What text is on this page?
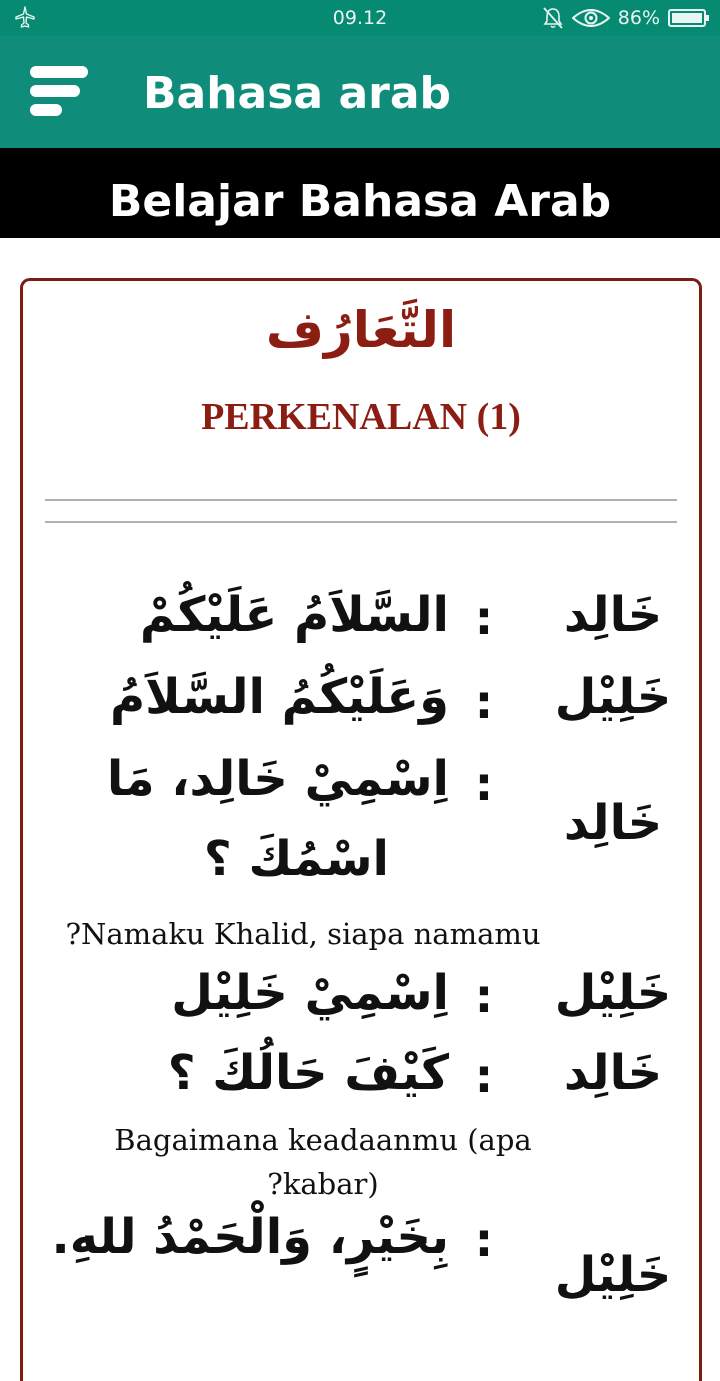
09.12	86%
Bahasa arab
Belajar Bahasa Arab
التَّعَارُف
PERKENALAN (1)
خَالِد
:
السَّلاَمُ عَلَيْكُمْ
خَلِيْل
:
وَعَلَيْكُمُ السَّلاَمُ
خَالِد
:
اِسْمِيْ خَالِد، مَا
اسْمُكَ ؟
?Namaku Khalid, siapa namamu
خَلِيْل
:
اِسْمِيْ خَلِيْل
خَالِد
:
كَيْفَ حَالُكَ ؟
Bagaimana keadaanmu (apa
?kabar)
خَلِيْل
:
بِخَيْرٍ، وَالْحَمْدُ للهِ.
